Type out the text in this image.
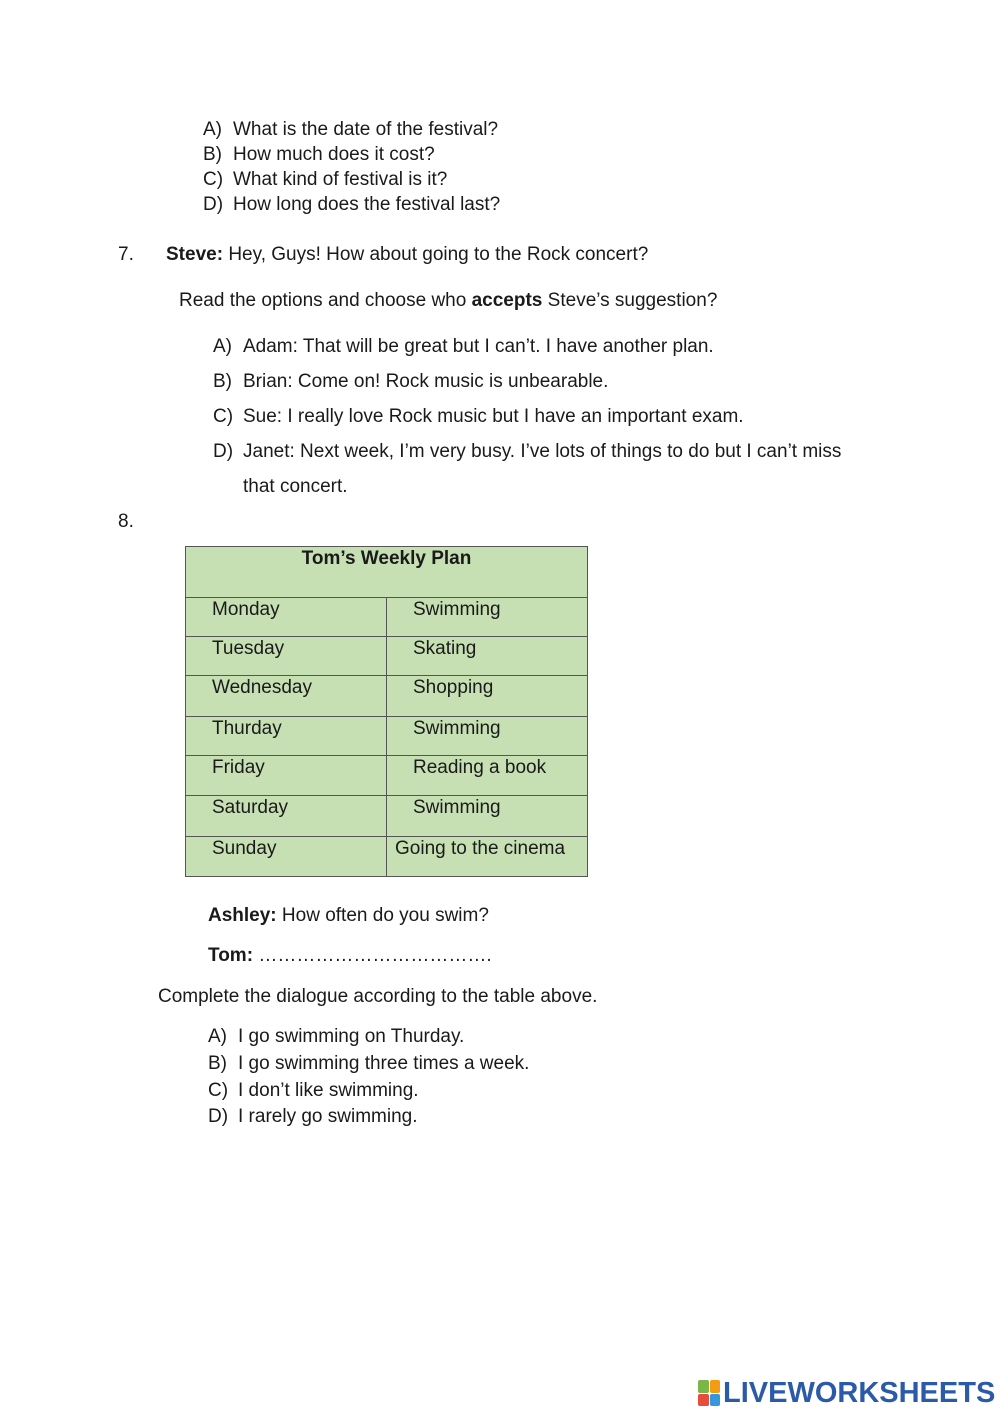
A) What is the date of the festival?
B) How much does it cost?
C) What kind of festival is it?
D) How long does the festival last?
7. Steve: Hey, Guys! How about going to the Rock concert?
Read the options and choose who accepts Steve’s suggestion?
A) Adam: That will be great but I can’t. I have another plan.
B) Brian: Come on! Rock music is unbearable.
C) Sue: I really love Rock music but I have an important exam.
D) Janet: Next week, I’m very busy. I’ve lots of things to do but I can’t miss
that concert.
8.
Tom’s Weekly Plan	
Monday	Swimming
Tuesday	Skating
Wednesday	Shopping
Thurday	Swimming
Friday	Reading a book
Saturday	Swimming
Sunday	Going to the cinema
Ashley: How often do you swim?
Tom: ……………………………….
Complete the dialogue according to the table above.
A) I go swimming on Thurday.
B) I go swimming three times a week.
C) I don’t like swimming.
D) I rarely go swimming.
LIVEWORKSHEETS
